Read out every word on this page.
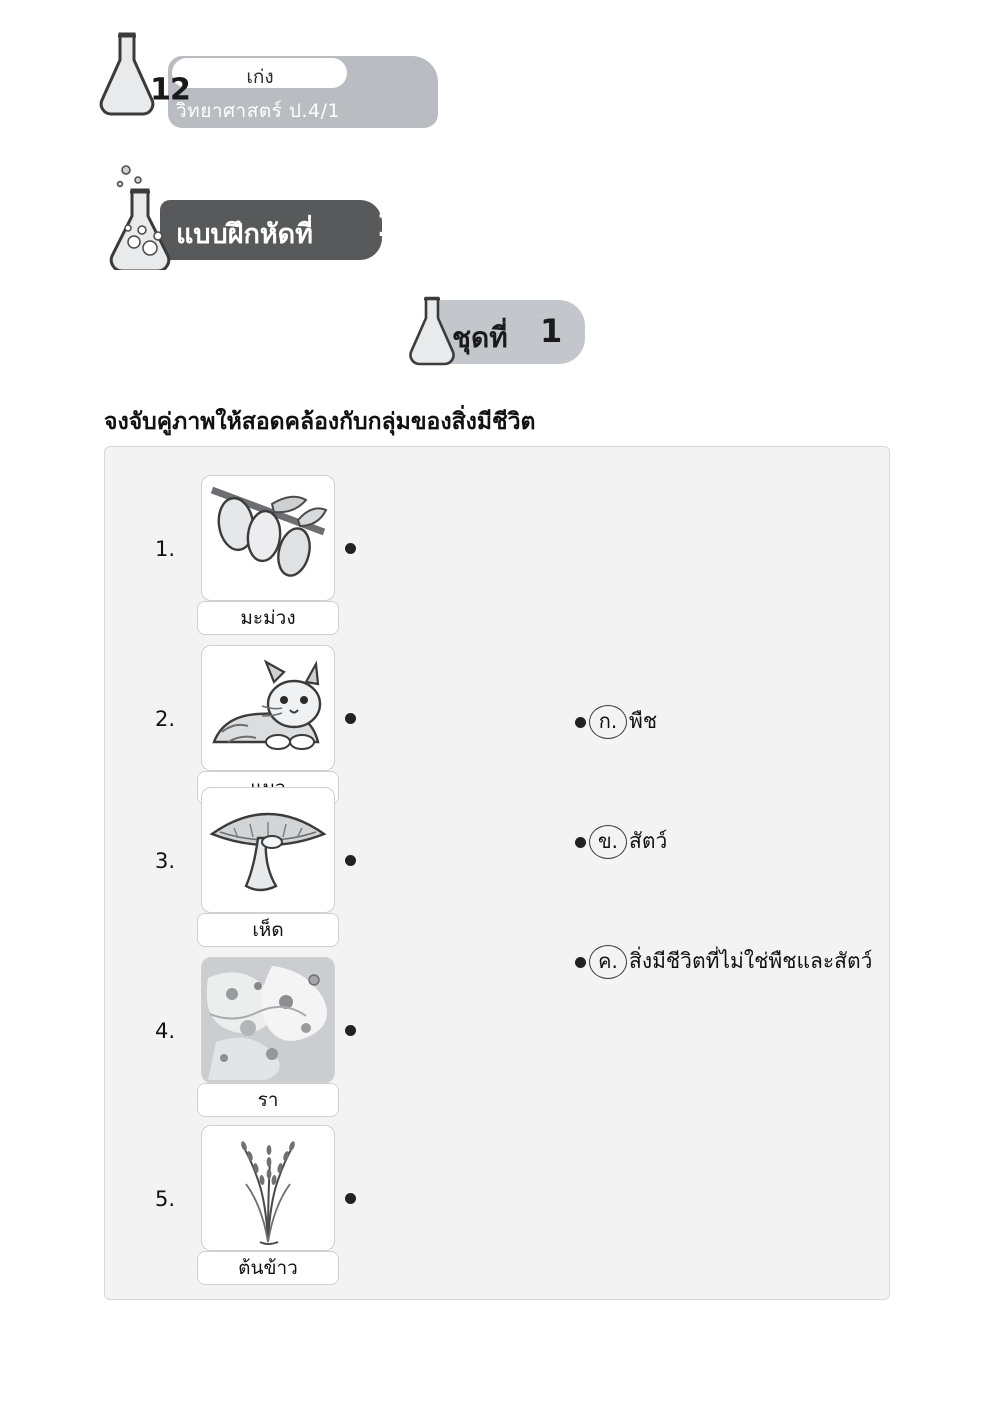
12	เก่ง
วิทยาศาสตร์ ป.4/1
แบบฝึกหัดที่ 1
ชุดที่ 1
จงจับคู่ภาพให้สอดคล้องกับกลุ่มของสิ่งมีชีวิต
1.
มะม่วง
2.
3.
เห็ด
4.
รา
5.
ต้นข้าว
ก. พืช
ข. สัตว์
ค. สิ่งมีชีวิตที่ไม่ใช่พืชและสัตว์
